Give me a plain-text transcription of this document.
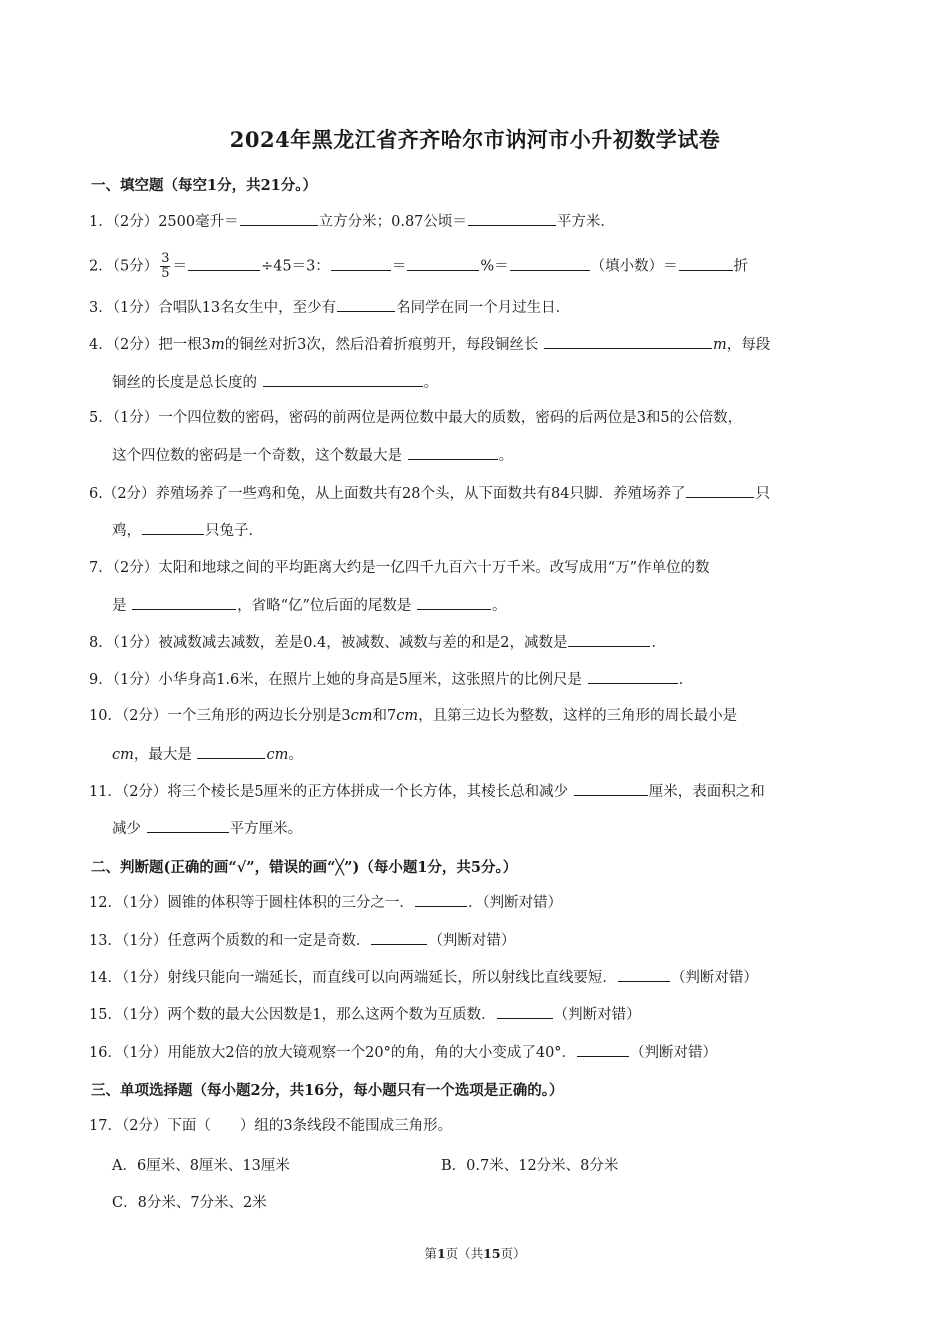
2024年黑龙江省齐齐哈尔市讷河市小升初数学试卷
一、填空题（每空1分，共21分。）
1．（2分）2500毫升＝	立方分米；0.87公顷＝	平方米．
2．（5分） $\frac{3}{5}$ ＝	÷45＝3：	＝	%＝	（填小数）＝	折
3．（1分）合唱队13名女生中，至少有	名同学在同一个月过生日．
4．（2分）把一根3m的铜丝对折3次，然后沿着折痕剪开，每段铜丝长	m，每段
铜丝的长度是总长度的	。
5．（1分）一个四位数的密码，密码的前两位是两位数中最大的质数，密码的后两位是3和5的公倍数，
这个四位数的密码是一个奇数，这个数最大是	。
6.（2分）养殖场养了一些鸡和兔，从上面数共有28个头，从下面数共有84只脚．养殖场养了	只
鸡，	只兔子．
7．（2分）太阳和地球之间的平均距离大约是一亿四千九百六十万千米。改写成用“万”作单位的数
是	，省略“亿”位后面的尾数是	。
8．（1分）被减数减去减数，差是0.4，被减数、减数与差的和是2，减数是	．
9．（1分）小华身高1.6米，在照片上她的身高是5厘米，这张照片的比例尺是	．
10．（2分）一个三角形的两边长分别是3cm和7cm，且第三边长为整数，这样的三角形的周长最小是
cm，最大是	cm。
11．（2分）将三个棱长是5厘米的正方体拼成一个长方体，其棱长总和减少	厘米，表面积之和
减少	平方厘米。
二、判断题(正确的画“√”，错误的画“╳”)（每小题1分，共5分。）
12．（1分）圆锥的体积等于圆柱体积的三分之一．	．（判断对错）
13．（1分）任意两个质数的和一定是奇数．	（判断对错）
14．（1分）射线只能向一端延长，而直线可以向两端延长，所以射线比直线要短．	（判断对错）
15．（1分）两个数的最大公因数是1，那么这两个数为互质数．	（判断对错）
16．（1分）用能放大2倍的放大镜观察一个20°的角，角的大小变成了40°．	（判断对错）
三、单项选择题（每小题2分，共16分，每小题只有一个选项是正确的。）
17．（2分）下面（　　）组的3条线段不能围成三角形。
A．6厘米、8厘米、13厘米	B．0.7米、12分米、8分米
C．8分米、7分米、2米
第1页（共15页）
